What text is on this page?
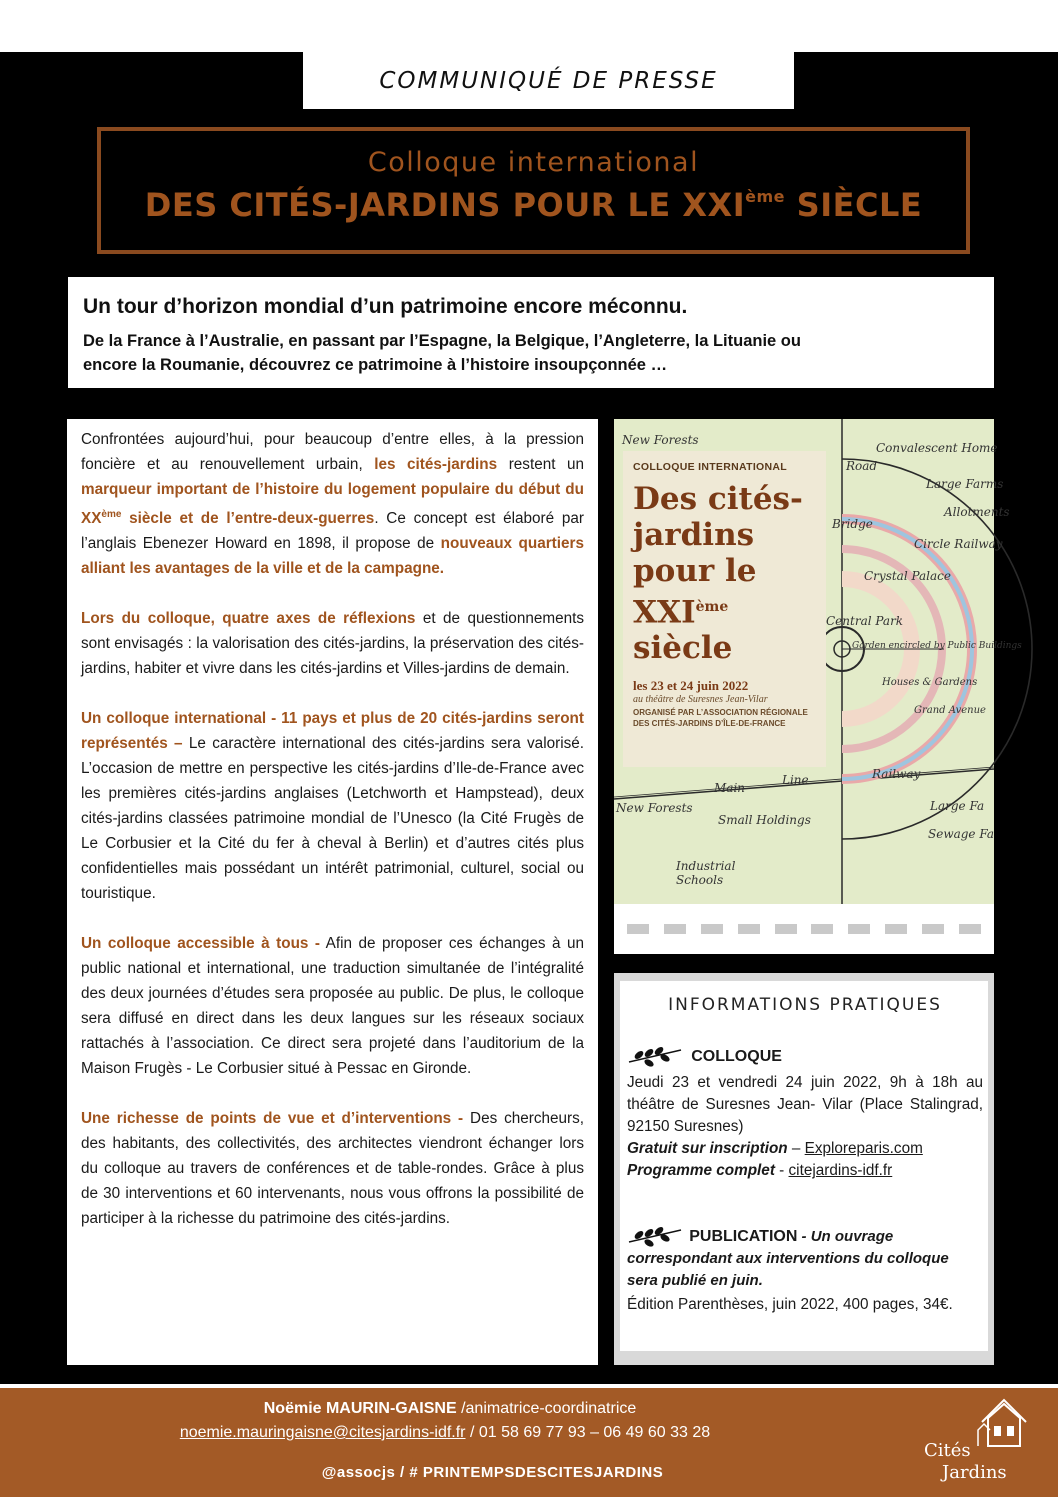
COMMUNIQUÉ DE PRESSE
Colloque international
DES CITÉS-JARDINS POUR LE XXIème SIÈCLE
Un tour d’horizon mondial d’un patrimoine encore méconnu.
De la France à l’Australie, en passant par l’Espagne, la Belgique, l’Angleterre, la Lituanie ou encore la Roumanie, découvrez ce patrimoine à l’histoire insoupçonnée …

Confrontées aujourd’hui, pour beaucoup d’entre elles, à la pression foncière et au renouvellement urbain, les cités-jardins restent un marqueur important de l’histoire du logement populaire du début du XXème siècle et de l’entre-deux-guerres. Ce concept est élaboré par l’anglais Ebenezer Howard en 1898, il propose de nouveaux quartiers alliant les avantages de la ville et de la campagne.

Lors du colloque, quatre axes de réflexions et de questionnements sont envisagés : la valorisation des cités-jardins, la préservation des cités-jardins, habiter et vivre dans les cités-jardins et Villes-jardins de demain.

Un colloque international - 11 pays et plus de 20 cités-jardins seront représentés – Le caractère international des cités-jardins sera valorisé. L’occasion de mettre en perspective les cités-jardins d’Ile-de-France avec les premières cités-jardins anglaises (Letchworth et Hampstead), deux cités-jardins classées patrimoine mondial de l’Unesco (la Cité Frugès de Le Corbusier et la Cité du fer à cheval à Berlin) et d’autres cités plus confidentielles mais possédant un intérêt patrimonial, culturel, social ou touristique.

Un colloque accessible à tous - Afin de proposer ces échanges à un public national et international, une traduction simultanée de l’intégralité des deux journées d’études sera proposée au public. De plus, le colloque sera diffusé en direct dans les deux langues sur les réseaux sociaux rattachés à l’association. Ce direct sera projeté dans l’auditorium de la Maison Frugès - Le Corbusier situé à Pessac en Gironde.

Une richesse de points de vue et d’interventions - Des chercheurs, des habitants, des collectivités, des architectes viendront échanger lors du colloque au travers de conférences et de table-rondes. Grâce à plus de 30 interventions et 60 intervenants, nous vous offrons la possibilité de participer à la richesse du patrimoine des cités-jardins.

New Forests
Convalescent Home
Large Farms
Allotments
Bridge
Circle Railway
Crystal Palace
Central Park
Garden encircled by Public Buildings
Houses & Gardens
Grand Avenue
Railway
Main
Line
Small Holdings
New Forests	Large Fa
Sewage Fa
Industrial Schools
Road
COLLOQUE INTERNATIONAL
Des cités-jardins pour le XXIème
siècle
les 23 et 24 juin 2022
au théâtre de Suresnes Jean-Vilar
ORGANISÉ PAR L’ASSOCIATION RÉGIONALE DES CITÉS-JARDINS D’ÎLE-DE-FRANCE
INFORMATIONS PRATIQUES
COLLOQUE
Jeudi 23 et vendredi 24 juin 2022, 9h à 18h au théâtre de Suresnes Jean- Vilar (Place Stalingrad, 92150 Suresnes)
Gratuit sur inscription – Exploreparis.com
Programme complet - citejardins-idf.fr
PUBLICATION - Un ouvrage correspondant aux interventions du colloque sera publié en juin.
Édition Parenthèses, juin 2022, 400 pages, 34€.
Noëmie MAURIN-GAISNE /animatrice-coordinatrice
noemie.mauringaisne@citesjardins-idf.fr / 01 58 69 77 93 – 06 49 60 33 28
@assocjs / # PRINTEMPSDESCITESJARDINS
Cités
Jardins
